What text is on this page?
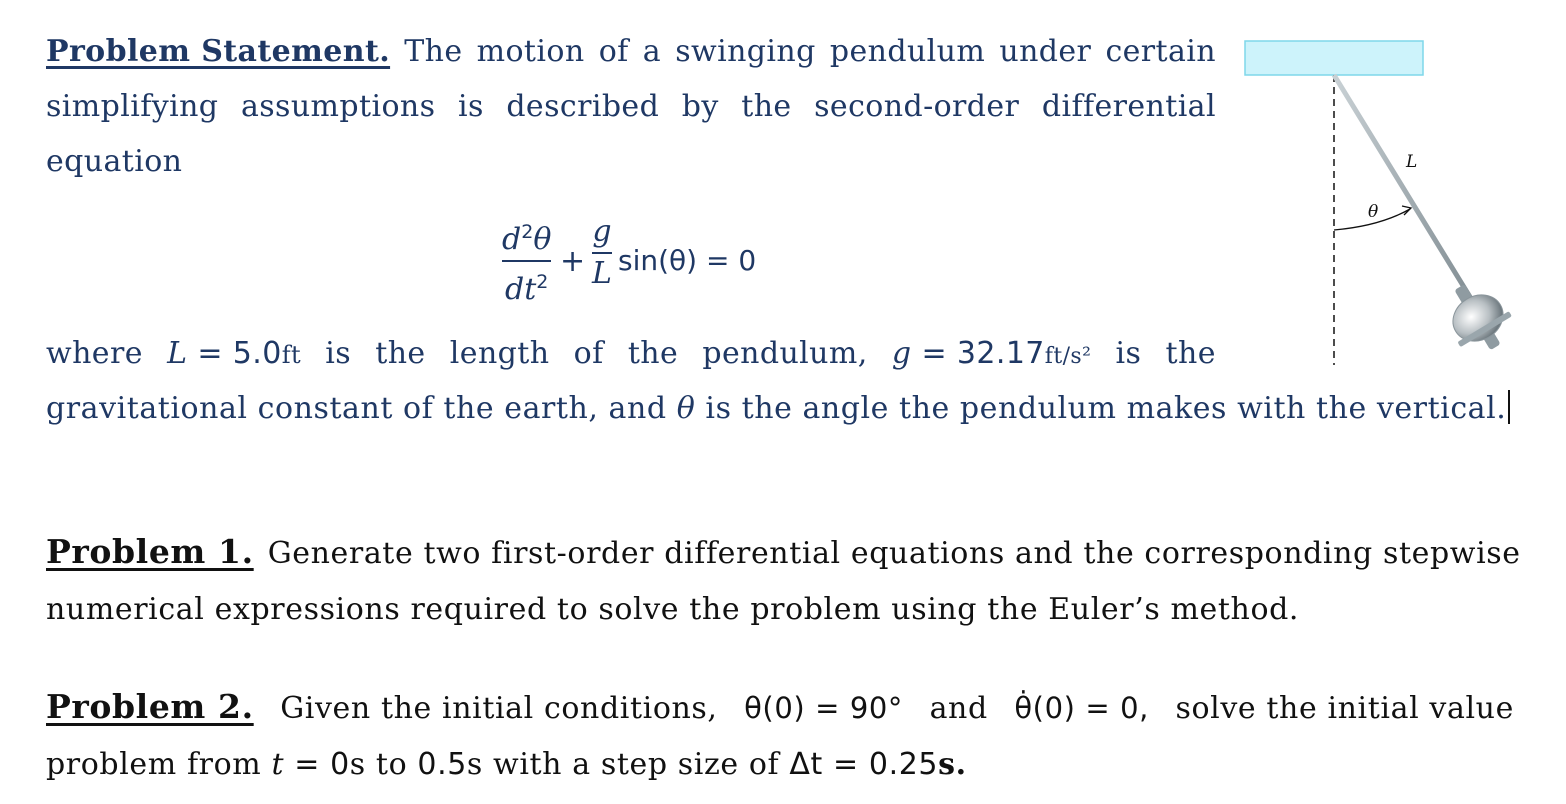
Problem Statement. The motion of a swinging pendulum under certain
simplifying assumptions is described by the second-order differential
equation
$d^2\theta$
$dt^2$
+
g
L sin(θ) = 0
where L = 5.0ft is the length of the pendulum, g = 32.17ft/s² is the
gravitational constant of the earth, and θ is the angle the pendulum makes with the vertical.
θ
L
Problem 1. Generate two first-order differential equations and the corresponding stepwise
numerical expressions required to solve the problem using the Euler’s method.
Problem 2. Given the initial conditions, θ(0) = 90° and θ̇(0) = 0, solve the initial value
problem from t = 0s to 0.5s with a step size of Δt = 0.25s.
